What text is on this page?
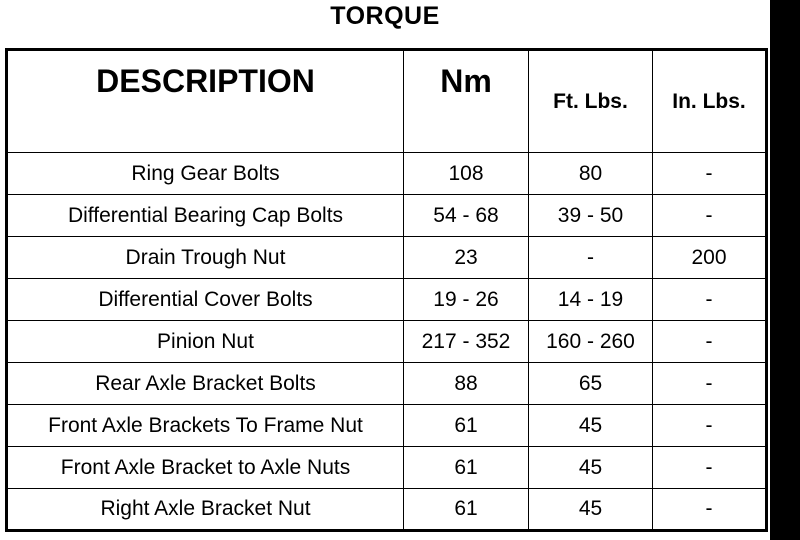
TORQUE
DESCRIPTION	Nm	Ft. Lbs.	In. Lbs.
Ring Gear Bolts	108	80	-
Differential Bearing Cap Bolts	54 - 68	39 - 50	-
Drain Trough Nut	23	-	200
Differential Cover Bolts	19 - 26	14 - 19	-
Pinion Nut	217 - 352	160 - 260	-
Rear Axle Bracket Bolts	88	65	-
Front Axle Brackets To Frame Nut	61	45	-
Front Axle Bracket to Axle Nuts	61	45	-
Right Axle Bracket Nut	61	45	-
